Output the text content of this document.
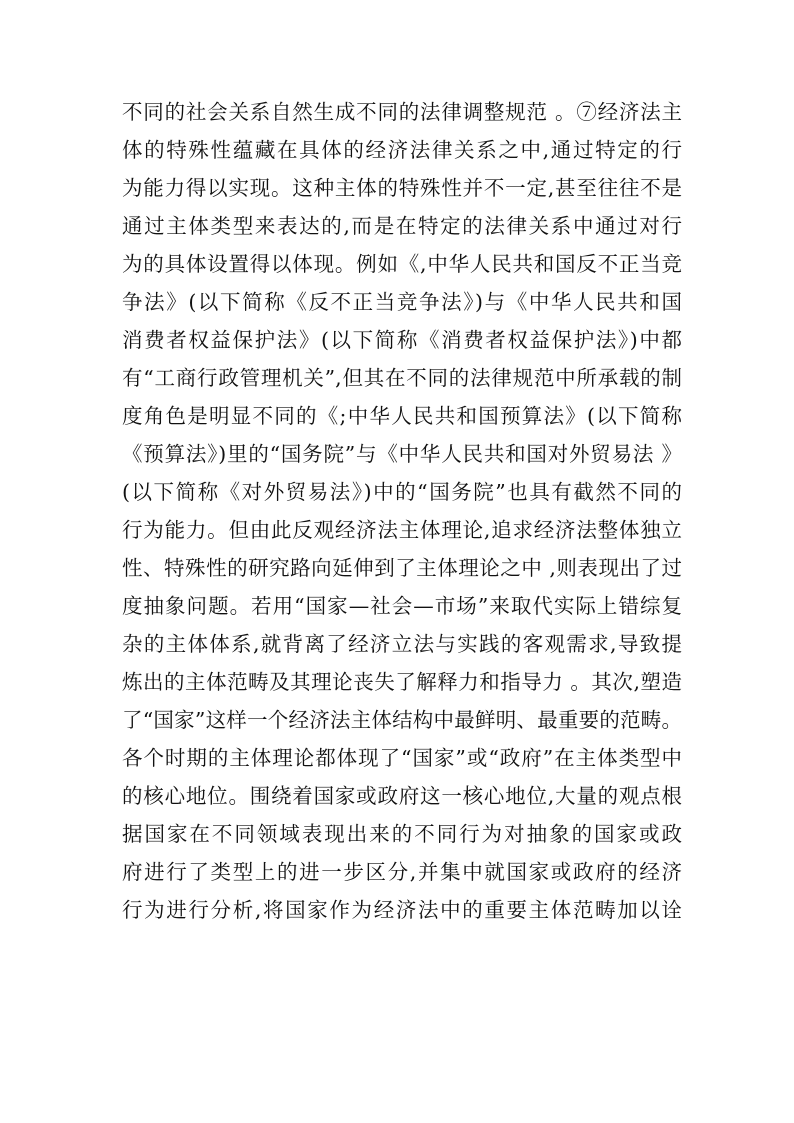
不同的社会关系自然生成不同的法律调整规范 。⑦经济法主
体的特殊性蕴藏在具体的经济法律关系之中,通过特定的行
为能力得以实现。这种主体的特殊性并不一定,甚至往往不是
通过主体类型来表达的,而是在特定的法律关系中通过对行
为的具体设置得以体现。例如《,中华人民共和国反不正当竞
争法》(以下简称《反不正当竞争法》)与《中华人民共和国
消费者权益保护法》(以下简称《消费者权益保护法》)中都
有“工商行政管理机关”,但其在不同的法律规范中所承载的制
度角色是明显不同的《;中华人民共和国预算法》(以下简称
《预算法》)里的“国务院”与《中华人民共和国对外贸易法 》
(以下简称《对外贸易法》)中的“国务院”也具有截然不同的
行为能力。但由此反观经济法主体理论,追求经济法整体独立
性、特殊性的研究路向延伸到了主体理论之中 ,则表现出了过
度抽象问题。若用“国家—社会—市场”来取代实际上错综复
杂的主体体系,就背离了经济立法与实践的客观需求,导致提
炼出的主体范畴及其理论丧失了解释力和指导力 。其次,塑造
了“国家”这样一个经济法主体结构中最鲜明、最重要的范畴。
各个时期的主体理论都体现了“国家”或“政府”在主体类型中
的核心地位。围绕着国家或政府这一核心地位,大量的观点根
据国家在不同领域表现出来的不同行为对抽象的国家或政
府进行了类型上的进一步区分,并集中就国家或政府的经济
行为进行分析,将国家作为经济法中的重要主体范畴加以诠
